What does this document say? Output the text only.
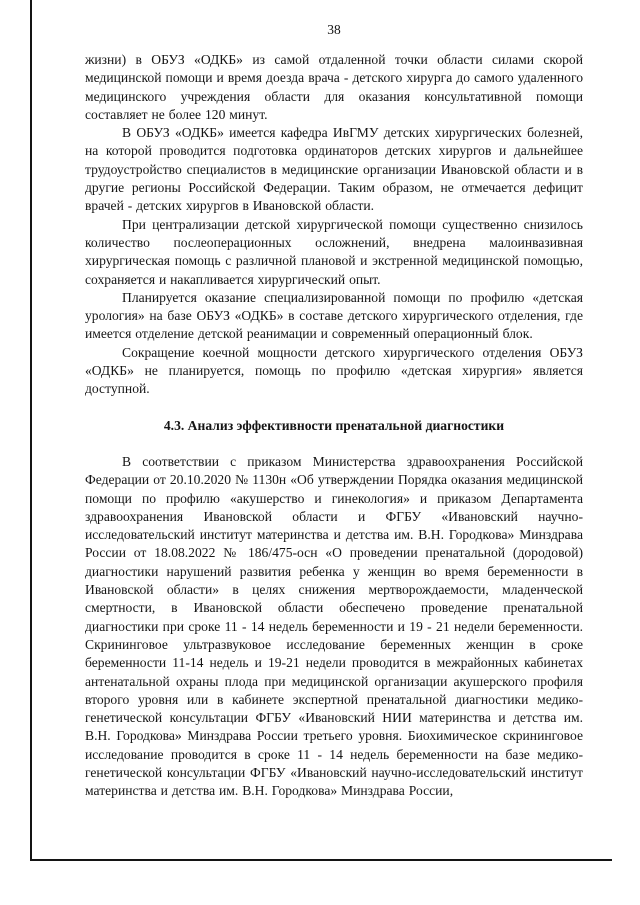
38

жизни) в ОБУЗ «ОДКБ» из самой отдаленной точки области силами скорой медицинской помощи и время доезда врача - детского хирурга до самого удаленного медицинского учреждения области для оказания консультативной помощи составляет не более 120 минут.

В ОБУЗ «ОДКБ» имеется кафедра ИвГМУ детских хирургических болезней, на которой проводится подготовка ординаторов детских хирургов и дальнейшее трудоустройство специалистов в медицинские организации Ивановской области и в другие регионы Российской Федерации. Таким образом, не отмечается дефицит врачей - детских хирургов в Ивановской области.

При централизации детской хирургической помощи существенно снизилось количество послеоперационных осложнений, внедрена малоинвазивная хирургическая помощь с различной плановой и экстренной медицинской помощью, сохраняется и накапливается хирургический опыт.

Планируется оказание специализированной помощи по профилю «детская урология» на базе ОБУЗ «ОДКБ» в составе детского хирургического отделения, где имеется отделение детской реанимации и современный операционный блок.

Сокращение коечной мощности детского хирургического отделения ОБУЗ «ОДКБ» не планируется, помощь по профилю «детская хирургия» является доступной.

4.3. Анализ эффективности пренатальной диагностики

В соответствии с приказом Министерства здравоохранения Российской Федерации от 20.10.2020 № 1130н «Об утверждении Порядка оказания медицинской помощи по профилю «акушерство и гинекология» и приказом Департамента здравоохранения Ивановской области и ФГБУ «Ивановский научно-исследовательский институт материнства и детства им. В.Н. Городкова» Минздрава России от 18.08.2022 № 186/475-осн «О проведении пренатальной (дородовой) диагностики нарушений развития ребенка у женщин во время беременности в Ивановской области» в целях снижения мертворождаемости, младенческой смертности, в Ивановской области обеспечено проведение пренатальной диагностики при сроке 11 - 14 недель беременности и 19 - 21 недели беременности. Скрининговое ультразвуковое исследование беременных женщин в сроке беременности 11-14 недель и 19-21 недели проводится в межрайонных кабинетах антенатальной охраны плода при медицинской организации акушерского профиля второго уровня или в кабинете экспертной пренатальной диагностики медико-генетической консультации ФГБУ «Ивановский НИИ материнства и детства им. В.Н. Городкова» Минздрава России третьего уровня. Биохимическое скрининговое исследование проводится в сроке 11 - 14 недель беременности на базе медико-генетической консультации ФГБУ «Ивановский научно-исследовательский институт материнства и детства им. В.Н. Городкова» Минздрава России,
